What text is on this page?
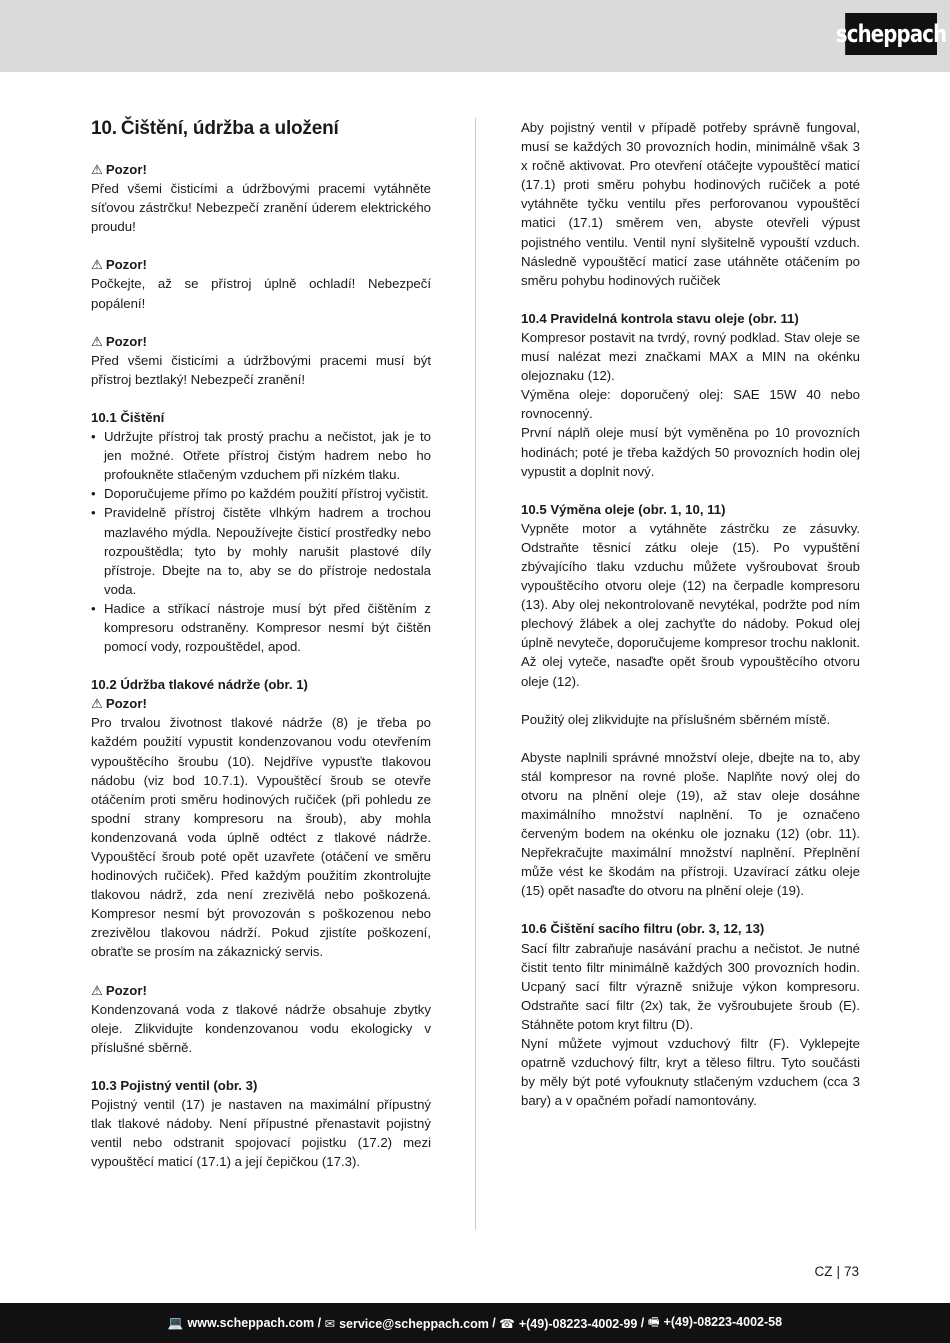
scheppach
10. Čištění, údržba a uložení

⚠ Pozor!

Před všemi čisticími a údržbovými pracemi vytáhněte síťovou zástrčku! Nebezpečí zranění úderem elektrického proudu!

⚠ Pozor!

Počkejte, až se přístroj úplně ochladí! Nebezpečí popálení!

⚠ Pozor!

Před všemi čisticími a údržbovými pracemi musí být přístroj beztlaký! Nebezpečí zranění!

10.1 Čištění

• Udržujte přístroj tak prostý prachu a nečistot, jak je to jen možné. Otřete přístroj čistým hadrem nebo ho profoukněte stlačeným vzduchem při nízkém tlaku.
• Doporučujeme přímo po každém použití přístroj vyčistit.
• Pravidelně přístroj čistěte vlhkým hadrem a trochou mazlavého mýdla. Nepoužívejte čisticí prostředky nebo rozpouštědla; tyto by mohly narušit plastové díly přístroje. Dbejte na to, aby se do přístroje nedostala voda.
• Hadice a stříkací nástroje musí být před čištěním z kompresoru odstraněny. Kompresor nesmí být čištěn pomocí vody, rozpouštědel, apod.

10.2 Údržba tlakové nádrže (obr. 1)

⚠ Pozor!

Pro trvalou životnost tlakové nádrže (8) je třeba po každém použití vypustit kondenzovanou vodu otevřením vypouštěcího šroubu (10). Nejdříve vypusťte tlakovou nádobu (viz bod 10.7.1). Vypouštěcí šroub se otevře otáčením proti směru hodinových ručiček (při pohledu ze spodní strany kompresoru na šroub), aby mohla kondenzovaná voda úplně odtéct z tlakové nádrže. Vypouštěcí šroub poté opět uzavřete (otáčení ve směru hodinových ručiček). Před každým použitím zkontrolujte tlakovou nádrž, zda není zrezivělá nebo poškozená. Kompresor nesmí být provozován s poškozenou nebo zrezivělou tlakovou nádrží. Pokud zjistíte poškození, obraťte se prosím na zákaznický servis.

⚠ Pozor!

Kondenzovaná voda z tlakové nádrže obsahuje zbytky oleje. Zlikvidujte kondenzovanou vodu ekologicky v příslušné sběrně.

10.3 Pojistný ventil (obr. 3)

Pojistný ventil (17) je nastaven na maximální přípustný tlak tlakové nádoby. Není přípustné přenastavit pojistný ventil nebo odstranit spojovací pojistku (17.2) mezi vypouštěcí maticí (17.1) a její čepičkou (17.3).

Aby pojistný ventil v případě potřeby správně fungoval, musí se každých 30 provozních hodin, minimálně však 3 x ročně aktivovat. Pro otevření otáčejte vypouštěcí maticí (17.1) proti směru pohybu hodinových ručiček a poté vytáhněte tyčku ventilu přes perforovanou vypouštěcí matici (17.1) směrem ven, abyste otevřeli výpust pojistného ventilu. Ventil nyní slyšitelně vypouští vzduch. Následně vypouštěcí maticí zase utáhněte otáčením po směru pohybu hodinových ručiček

10.4 Pravidelná kontrola stavu oleje (obr. 11)

Kompresor postavit na tvrdý, rovný podklad. Stav oleje se musí nalézat mezi značkami MAX a MIN na okénku olejoznaku (12).

Výměna oleje: doporučený olej: SAE 15W 40 nebo rovnocenný.

První náplň oleje musí být vyměněna po 10 provozních hodinách; poté je třeba každých 50 provozních hodin olej vypustit a doplnit nový.

10.5 Výměna oleje (obr. 1, 10, 11)

Vypněte motor a vytáhněte zástrčku ze zásuvky. Odstraňte těsnicí zátku oleje (15). Po vypuštění zbývajícího tlaku vzduchu můžete vyšroubovat šroub vypouštěcího otvoru oleje (12) na čerpadle kompresoru (13). Aby olej nekontrolovaně nevytékal, podržte pod ním plechový žlábek a olej zachyťte do nádoby. Pokud olej úplně nevyteče, doporučujeme kompresor trochu naklonit. Až olej vyteče, nasaďte opět šroub vypouštěcího otvoru oleje (12).

Použitý olej zlikvidujte na příslušném sběrném místě.

Abyste naplnili správné množství oleje, dbejte na to, aby stál kompresor na rovné ploše. Naplňte nový olej do otvoru na plnění oleje (19), až stav oleje dosáhne maximálního množství naplnění. To je označeno červeným bodem na okénku ole joznaku (12) (obr. 11). Nepřekračujte maximální množství naplnění. Přeplnění může vést ke škodám na přístroji. Uzavírací zátku oleje (15) opět nasaďte do otvoru na plnění oleje (19).

10.6 Čištění sacího filtru (obr. 3, 12, 13)

Sací filtr zabraňuje nasávání prachu a nečistot. Je nutné čistit tento filtr minimálně každých 300 provozních hodin. Ucpaný sací filtr výrazně snižuje výkon kompresoru. Odstraňte sací filtr (2x) tak, že vyšroubujete šroub (E). Stáhněte potom kryt filtru (D).

Nyní můžete vyjmout vzduchový filtr (F). Vyklepejte opatrně vzduchový filtr, kryt a těleso filtru. Tyto součásti by měly být poté vyfouknuty stlačeným vzduchem (cca 3 bary) a v opačném pořadí namontovány.

CZ | 73
💻 www.scheppach.com / ✉ service@scheppach.com / ☎ +(49)-08223-4002-99 / 🖷 +(49)-08223-4002-58
